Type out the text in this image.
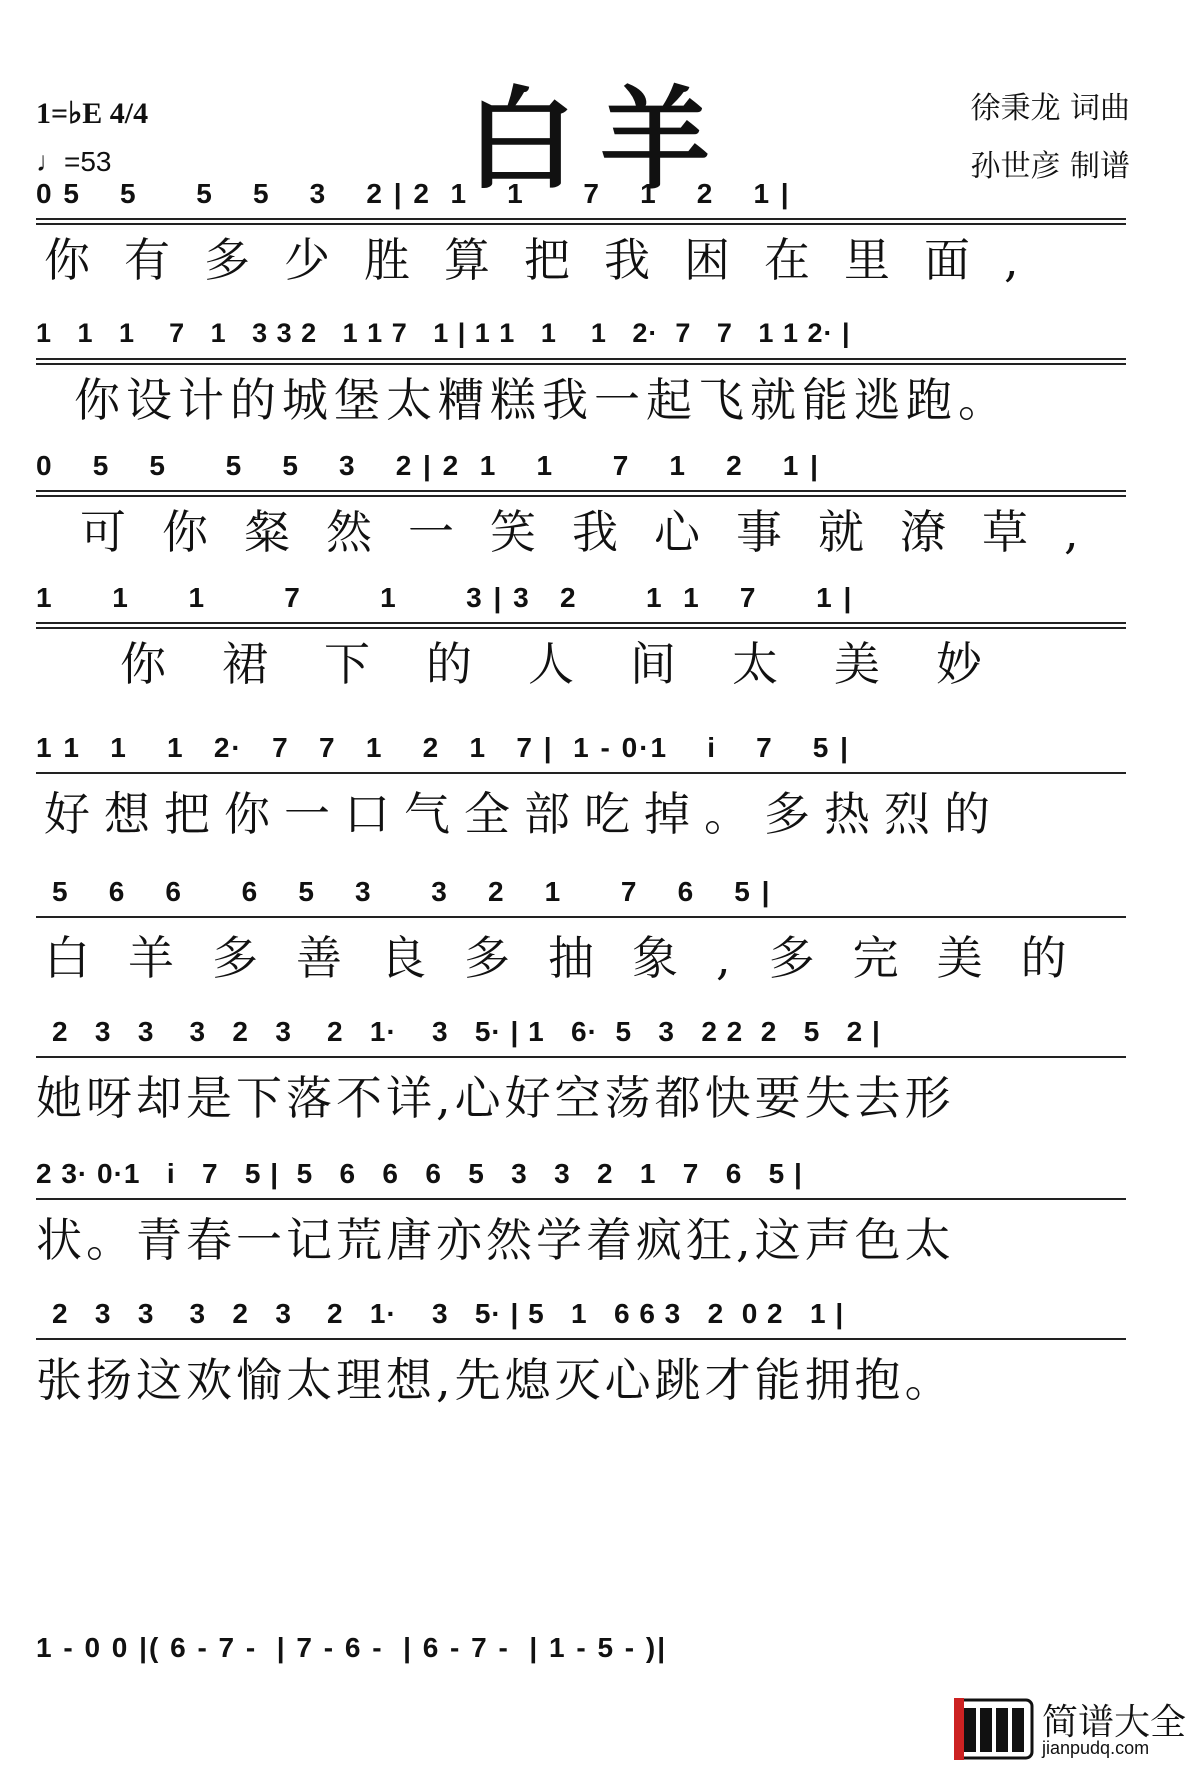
1=♭E 4/4
♩=53	白羊	徐秉龙 词曲
孙世彦 制谱
0 5    5      5    5    3    2 | 2  1    1      7    1    2    1 |
你有多少胜算把我困在里面,
1   1   1    7   1   3 3 2   1 1 7   1 | 1 1   1    1   2·  7   7   1 1 2· |
你设计的城堡太糟糕我一起飞就能逃跑。
0    5    5      5    5    3    2 | 2  1    1      7    1    2    1 |
可你粲然一笑我心事就潦草,
1      1      1        7        1       3 | 3   2       1  1    7      1 |
你裙下的人间太美妙
1 1   1    1   2·   7   7   1    2   1   7 |  1 - 0·1    i    7    5 |
好想把你一口气全部吃掉。多热烈的
5    6    6      6    5    3      3    2    1      7    6    5 |
白羊多善良多抽象,多完美的
2   3   3    3   2   3    2   1·    3   5· | 1   6·  5   3   2 2  2   5   2 |
她呀却是下落不详,心好空荡都快要失去形
2 3· 0·1   i   7   5 |  5   6   6   6   5   3   3   2   1   7   6   5 |
状。青春一记荒唐亦然学着疯狂,这声色太
2   3   3    3   2   3    2   1·    3   5· | 5   1   6 6 3   2  0 2   1 |
张扬这欢愉太理想,先熄灭心跳才能拥抱。
1 - 0 0 |( 6 - 7 -  | 7 - 6 -  | 6 - 7 -  | 1 - 5 - )|
简谱大全
jianpudq.com
